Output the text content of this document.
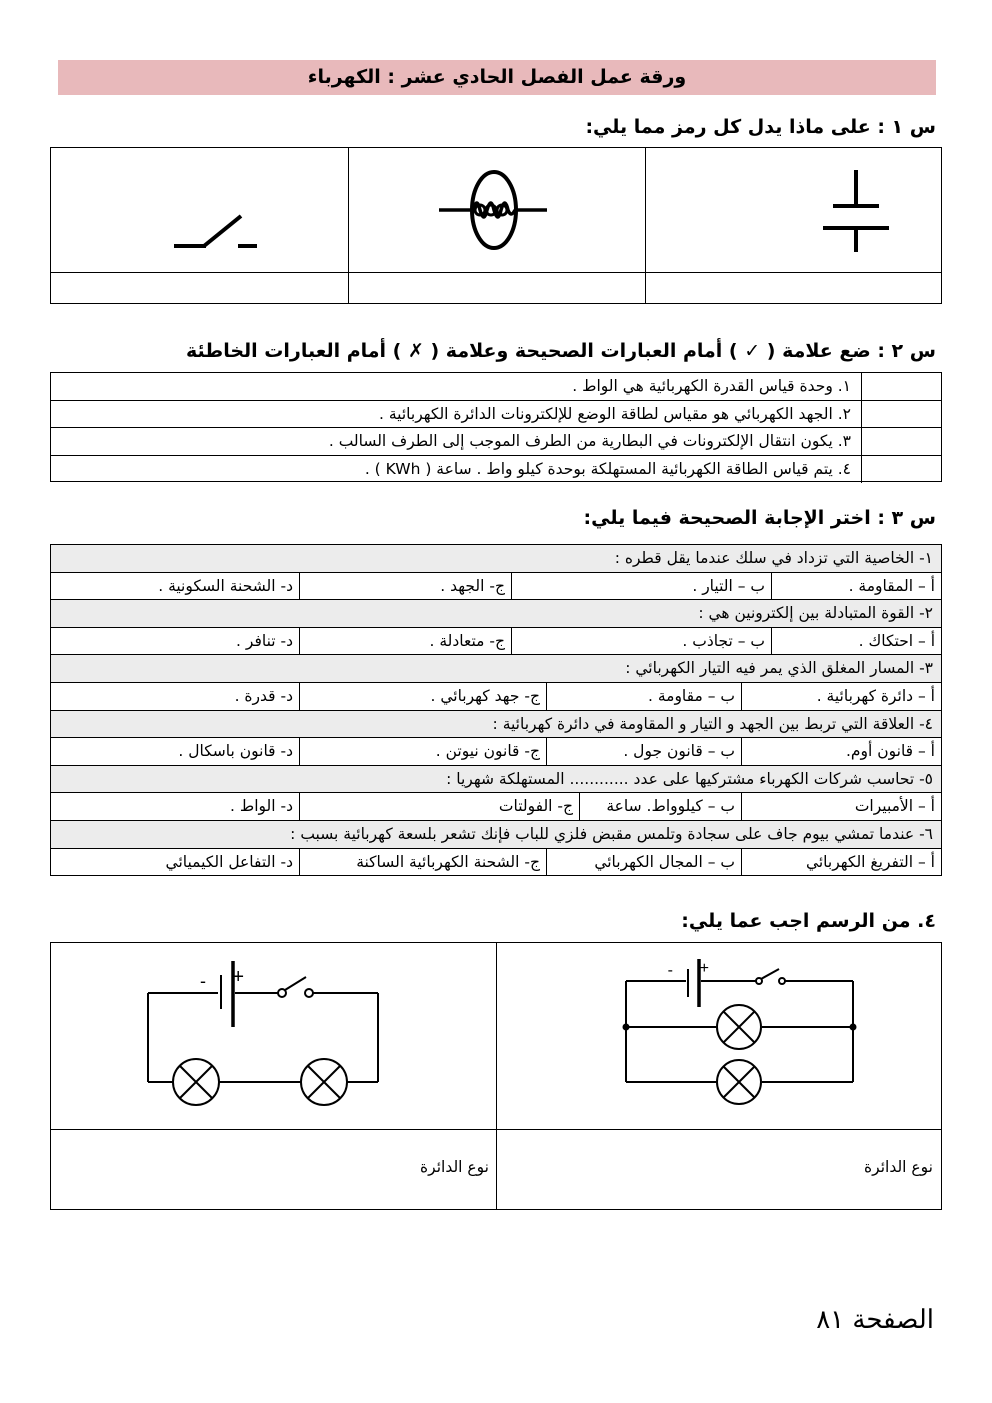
ورقة عمل الفصل الحادي عشر : الكهرباء
س ١ : على ماذا يدل كل رمز مما يلي:
س ٢ : ضع علامة ( ✓ ) أمام العبارات الصحيحة وعلامة ( ✗ ) أمام العبارات الخاطئة
١. وحدة قياس القدرة الكهربائية هي الواط .
٢. الجهد الكهربائي هو مقياس لطاقة الوضع للإلكترونات الدائرة الكهربائية .
٣. يكون انتقال الإلكترونات في البطارية من الطرف الموجب إلى الطرف السالب .
٤. يتم قياس الطاقة الكهربائية المستهلكة بوحدة كيلو واط . ساعة ( KWh ) .
س ٣ : اختر الإجابة الصحيحة فيما يلي:
١- الخاصية التي تزداد في سلك عندما يقل قطره :
أ – المقاومة .
ب – التيار .
ج- الجهد .
د- الشحنة السكونية .
٢- القوة المتبادلة بين إلكترونين هي :
أ – احتكاك .
ب – تجاذب .
ج- متعادلة .
د- تنافر .
٣- المسار المغلق الذي يمر فيه التيار الكهربائي :
أ – دائرة كهربائية .
ب – مقاومة .
ج- جهد كهربائي .
د- قدرة .
٤- العلاقة التي تربط بين الجهد و التيار و المقاومة في دائرة كهربائية :
أ – قانون أوم.
ب – قانون جول .
ج- قانون نيوتن .
د- قانون باسكال .
٥- تحاسب شركات الكهرباء مشتركيها على عدد ............ المستهلكة شهريا :
أ – الأمبيرات
ب – كيلوواط. ساعة
ج- الفولتات
د- الواط .
٦- عندما تمشي بيوم جاف على سجادة وتلمس مقبض فلزي للباب فإنك تشعر بلسعة كهربائية بسبب :
أ – التفريغ الكهربائي
ب – المجال الكهربائي
ج- الشحنة الكهربائية الساكنة
د- التفاعل الكيميائي
٤. من الرسم اجب عما يلي:
- +
- +
نوع الدائرة
نوع الدائرة
الصفحة ٨١
